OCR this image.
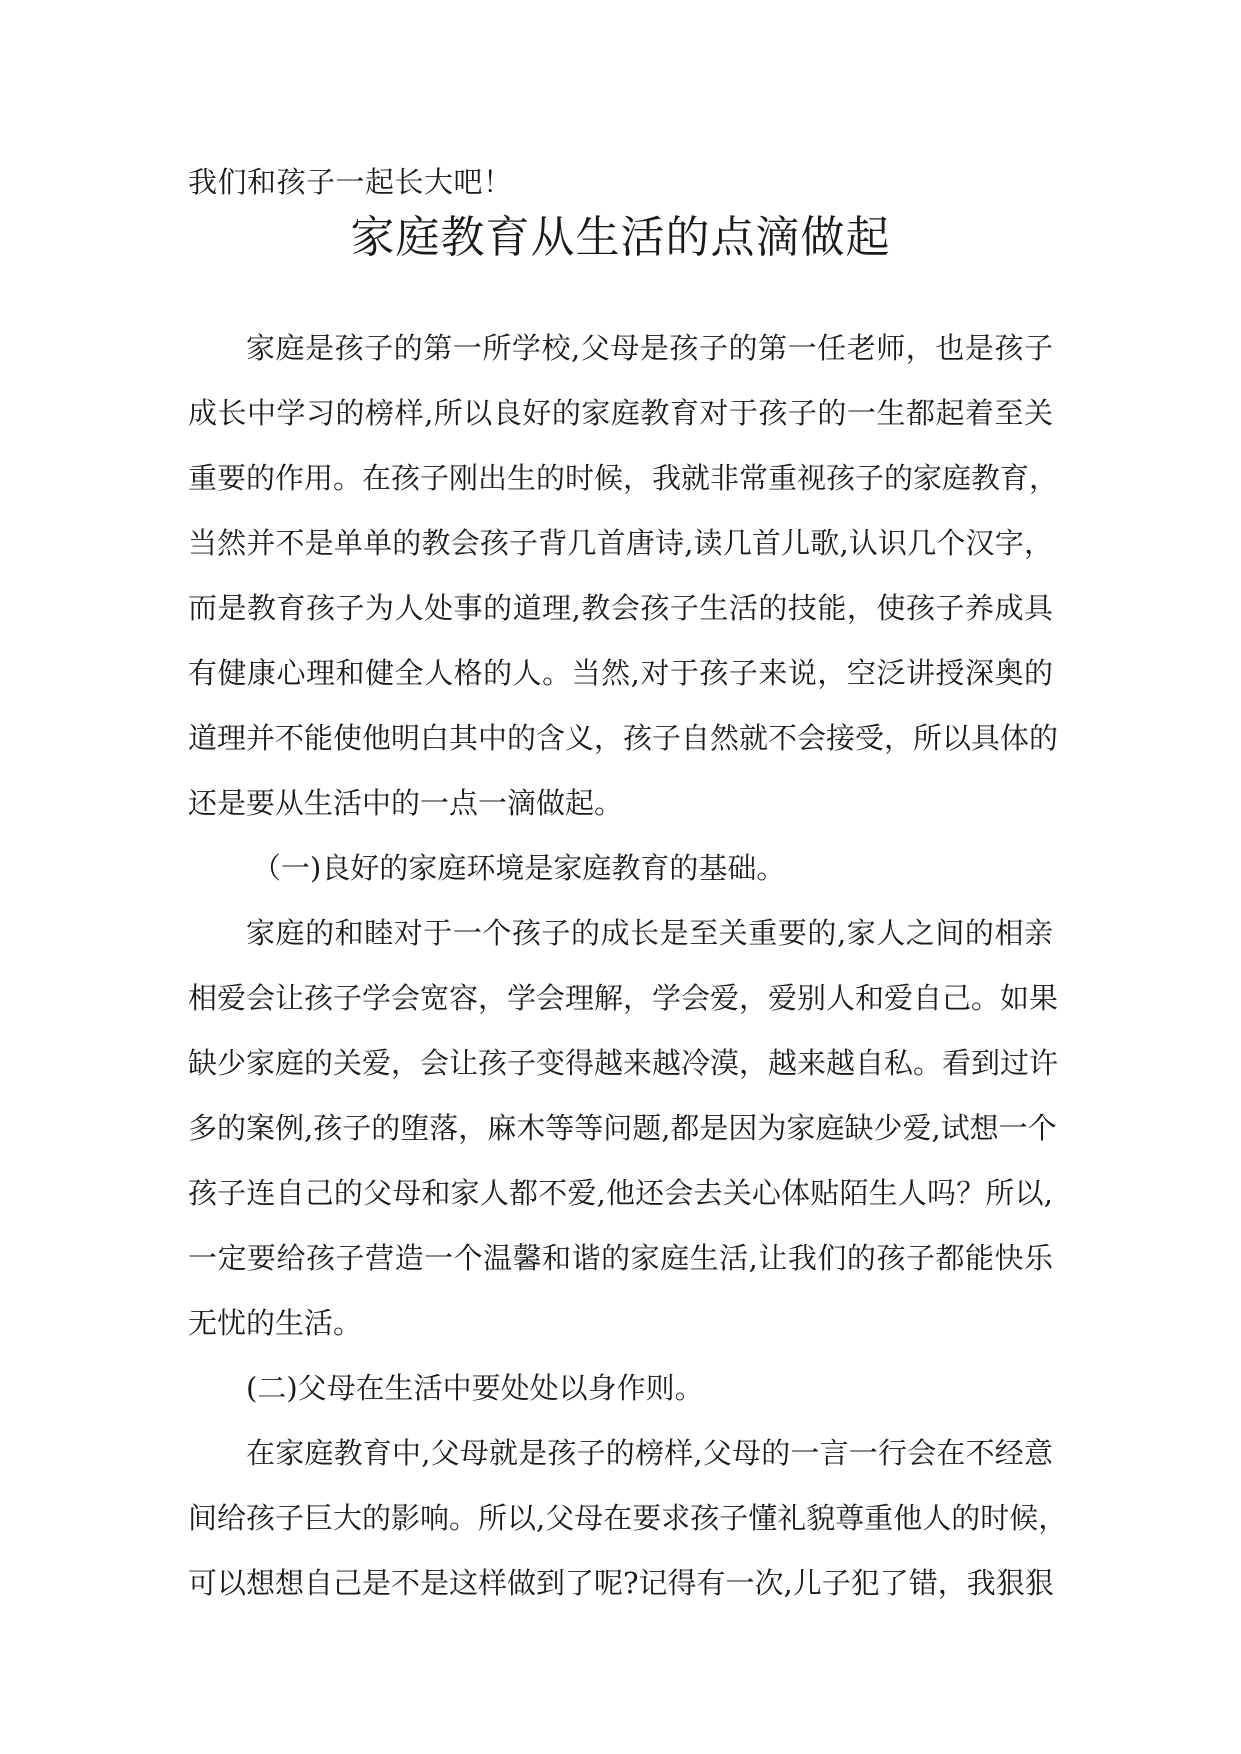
我们和孩子一起长大吧！
家庭教育从生活的点滴做起
家庭是孩子的第一所学校,父母是孩子的第一任老师，也是孩子
成长中学习的榜样,所以良好的家庭教育对于孩子的一生都起着至关
重要的作用。在孩子刚出生的时候，我就非常重视孩子的家庭教育，
当然并不是单单的教会孩子背几首唐诗,读几首儿歌,认识几个汉字，
而是教育孩子为人处事的道理,教会孩子生活的技能，使孩子养成具
有健康心理和健全人格的人。当然,对于孩子来说，空泛讲授深奥的
道理并不能使他明白其中的含义，孩子自然就不会接受，所以具体的
还是要从生活中的一点一滴做起。
（一)良好的家庭环境是家庭教育的基础。
家庭的和睦对于一个孩子的成长是至关重要的,家人之间的相亲
相爱会让孩子学会宽容，学会理解，学会爱，爱别人和爱自己。如果
缺少家庭的关爱，会让孩子变得越来越冷漠，越来越自私。看到过许
多的案例,孩子的堕落，麻木等等问题,都是因为家庭缺少爱,试想一个
孩子连自己的父母和家人都不爱,他还会去关心体贴陌生人吗？所以,
一定要给孩子营造一个温馨和谐的家庭生活,让我们的孩子都能快乐
无忧的生活。
(二)父母在生活中要处处以身作则。
在家庭教育中,父母就是孩子的榜样,父母的一言一行会在不经意
间给孩子巨大的影响。所以,父母在要求孩子懂礼貌尊重他人的时候，
可以想想自己是不是这样做到了呢?记得有一次,儿子犯了错，我狠狠
